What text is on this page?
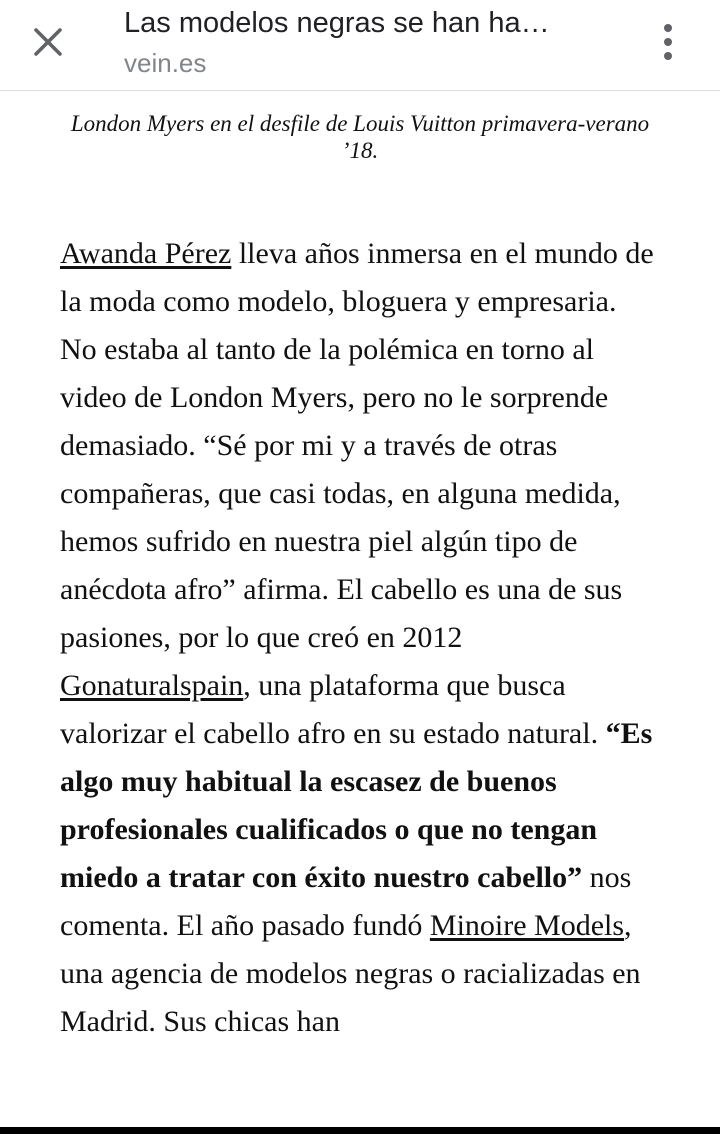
Las modelos negras se han ha…
vein.es
London Myers en el desfile de Louis Vuitton primavera-verano ’18.

Awanda Pérez lleva años inmersa en el mundo de la moda como modelo, bloguera y empresaria. No estaba al tanto de la polémica en torno al video de London Myers, pero no le sorprende demasiado. “Sé por mi y a través de otras compañeras, que casi todas, en alguna medida, hemos sufrido en nuestra piel algún tipo de anécdota afro” afirma. El cabello es una de sus pasiones, por lo que creó en 2012 Gonaturalspain, una plataforma que busca valorizar el cabello afro en su estado natural. “Es algo muy habitual la escasez de buenos profesionales cualificados o que no tengan miedo a tratar con éxito nuestro cabello” nos comenta. El año pasado fundó Minoire Models, una agencia de modelos negras o racializadas en Madrid. Sus chicas han
